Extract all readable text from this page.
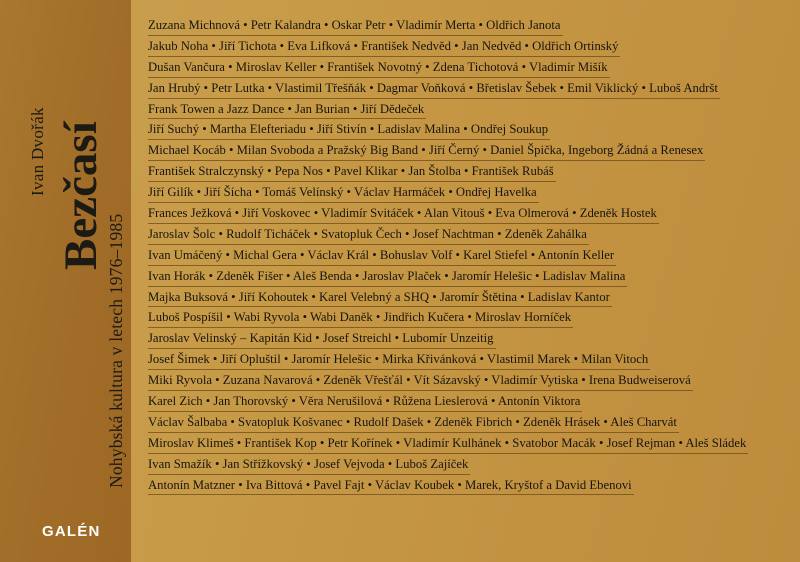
Ivan Dvořák Bezčasí
Nohybská kultura v letech 1976–1985
GALÉN
Zuzana Michnová • Petr Kalandra • Oskar Petr • Vladimír Merta • Oldřich Janota
Jakub Noha • Jiří Tichota • Eva Lifková • František Nedvěd • Jan Nedvěd • Oldřich Ortinský
Dušan Vančura • Miroslav Keller • František Novotný • Zdena Tichotová • Vladimír Mišík
Jan Hrubý • Petr Lutka • Vlastimil Třešňák • Dagmar Voňková • Břetislav Šebek • Emil Viklický • Luboš Andršt
Frank Towen a Jazz Dance • Jan Burian • Jiří Dědeček
Jiří Suchý • Martha Elefteriadu • Jiří Stivín • Ladislav Malina • Ondřej Soukup
Michael Kocáb • Milan Svoboda a Pražský Big Band • Jiří Černý • Daniel Špička, Ingeborg Žádná a Renesex
František Stralczynský • Pepa Nos • Pavel Klikar • Jan Štolba • František Rubáš
Jiří Gilík • Jiří Šícha • Tomáš Velínský • Václav Harmáček • Ondřej Havelka
Frances Ježková • Jiří Voskovec • Vladimír Svitáček • Alan Vitouš • Eva Olmerová • Zdeněk Hostek
Jaroslav Šolc • Rudolf Ticháček • Svatopluk Čech • Josef Nachtman • Zdeněk Zahálka
Ivan Umáčený • Michal Gera • Václav Král • Bohuslav Volf • Karel Stiefel • Antonín Keller
Ivan Horák • Zdeněk Fišer • Aleš Benda • Jaroslav Plaček • Jaromír Helešic • Ladislav Malina
Majka Buksová • Jiří Kohoutek • Karel Velebný a SHQ • Jaromír Štětina • Ladislav Kantor
Luboš Pospíšil • Wabi Ryvola • Wabi Daněk • Jindřich Kučera • Miroslav Horníček
Jaroslav Velinský – Kapitán Kid • Josef Streichl • Lubomír Unzeitig
Josef Šimek • Jiří Opluštil • Jaromír Helešic • Mirka Křivánková • Vlastimil Marek • Milan Vitoch
Miki Ryvola • Zuzana Navarová • Zdeněk Vřešťál • Vít Sázavský • Vladimír Vytiska • Irena Budweiserová
Karel Zich • Jan Thorovský • Věra Nerušilová • Růžena Lieslerová • Antonín Viktora
Václav Šalbaba • Svatopluk Košvanec • Rudolf Dašek • Zdeněk Fibrich • Zdeněk Hrásek • Aleš Charvát
Miroslav Klimeš • František Kop • Petr Kořínek • Vladimír Kulhánek • Svatobor Macák • Josef Rejman • Aleš Sládek
Ivan Smažík • Jan Střížkovský • Josef Vejvoda • Luboš Zajíček
Antonín Matzner • Iva Bittová • Pavel Fajt • Václav Koubek • Marek, Kryštof a David Ebenovi
